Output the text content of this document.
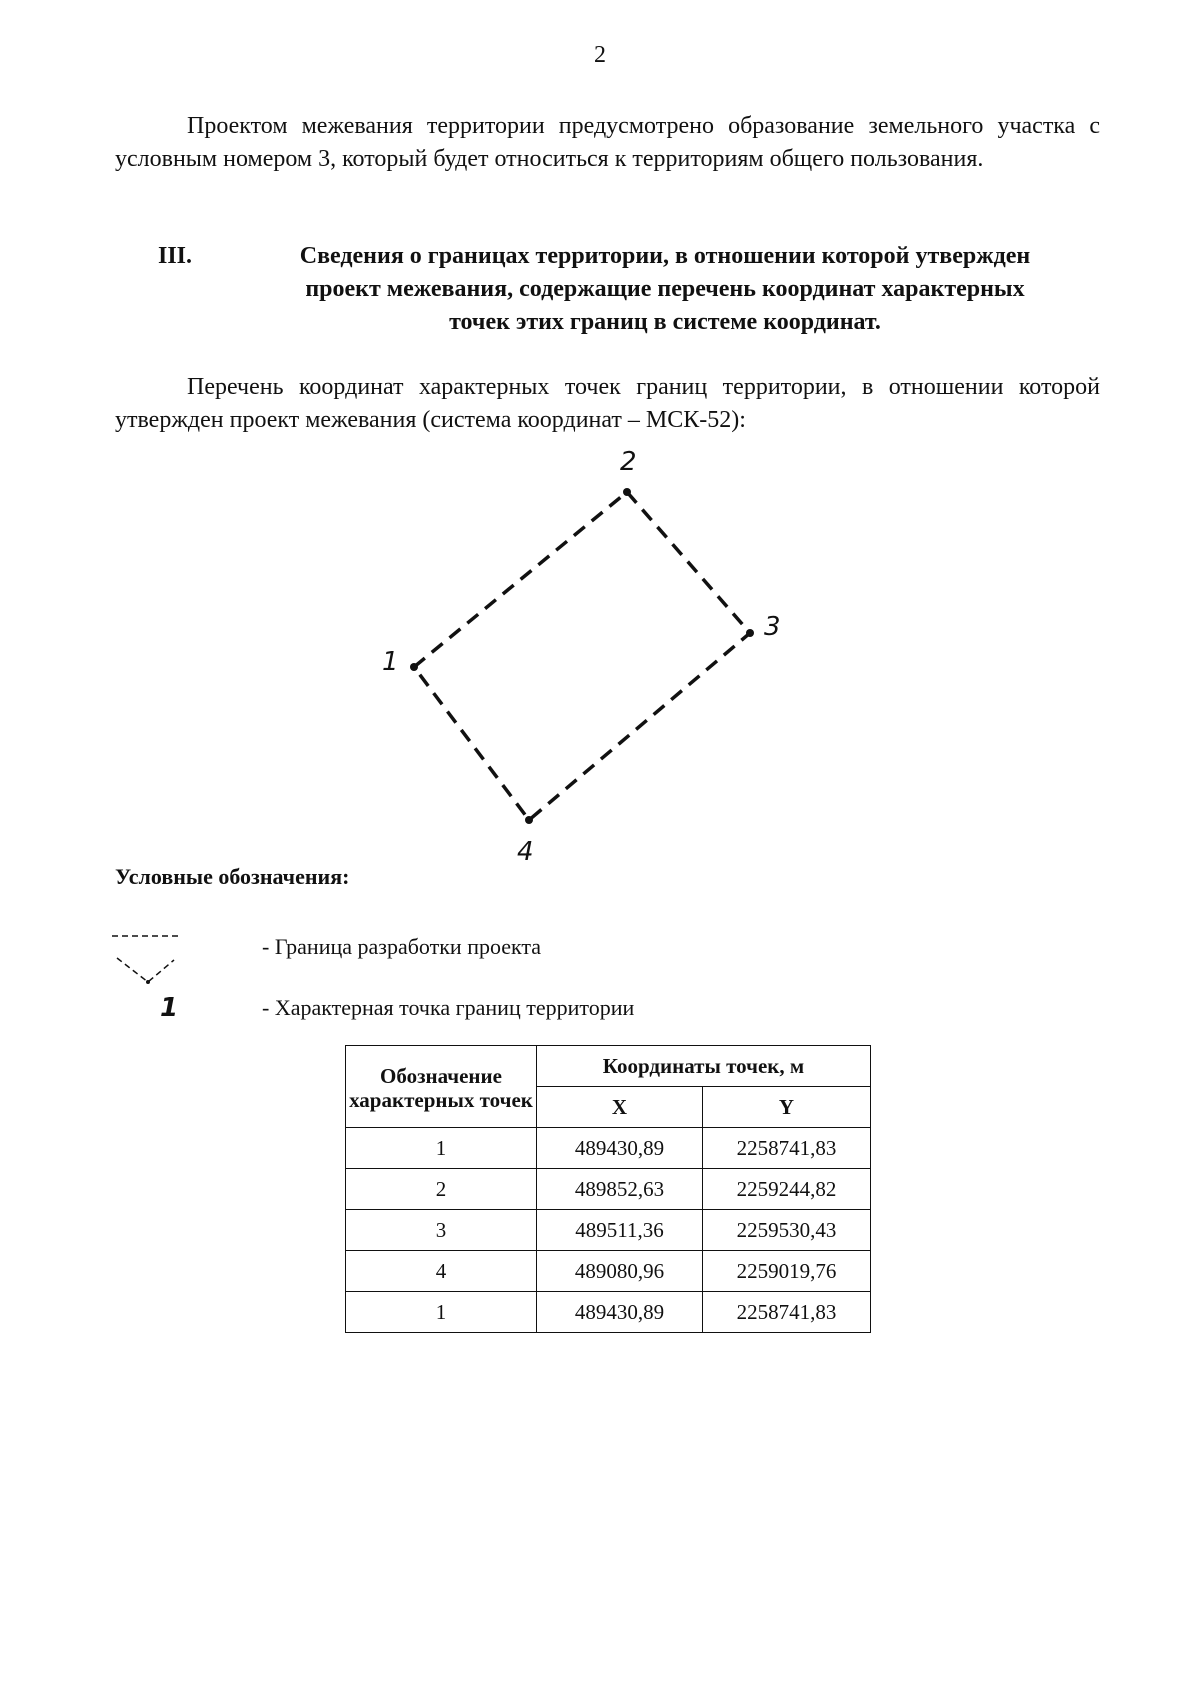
2
Проектом межевания территории предусмотрено образование земельного участка с условным номером 3, который будет относиться к территориям общего пользования.
III.	Сведения о границах территории, в отношении которой утвержден
проект межевания, содержащие перечень координат характерных
точек этих границ в системе координат.
Перечень координат характерных точек границ территории, в отношении которой утвержден проект межевания (система координат – МСК-52):
1
2
3
4
Условные обозначения:
- Граница разработки проекта
- Характерная точка границ территории
1
Обозначение характерных точек	Координаты точек, м	
	X	Y
1	489430,89	2258741,83
2	489852,63	2259244,82
3	489511,36	2259530,43
4	489080,96	2259019,76
1	489430,89	2258741,83
